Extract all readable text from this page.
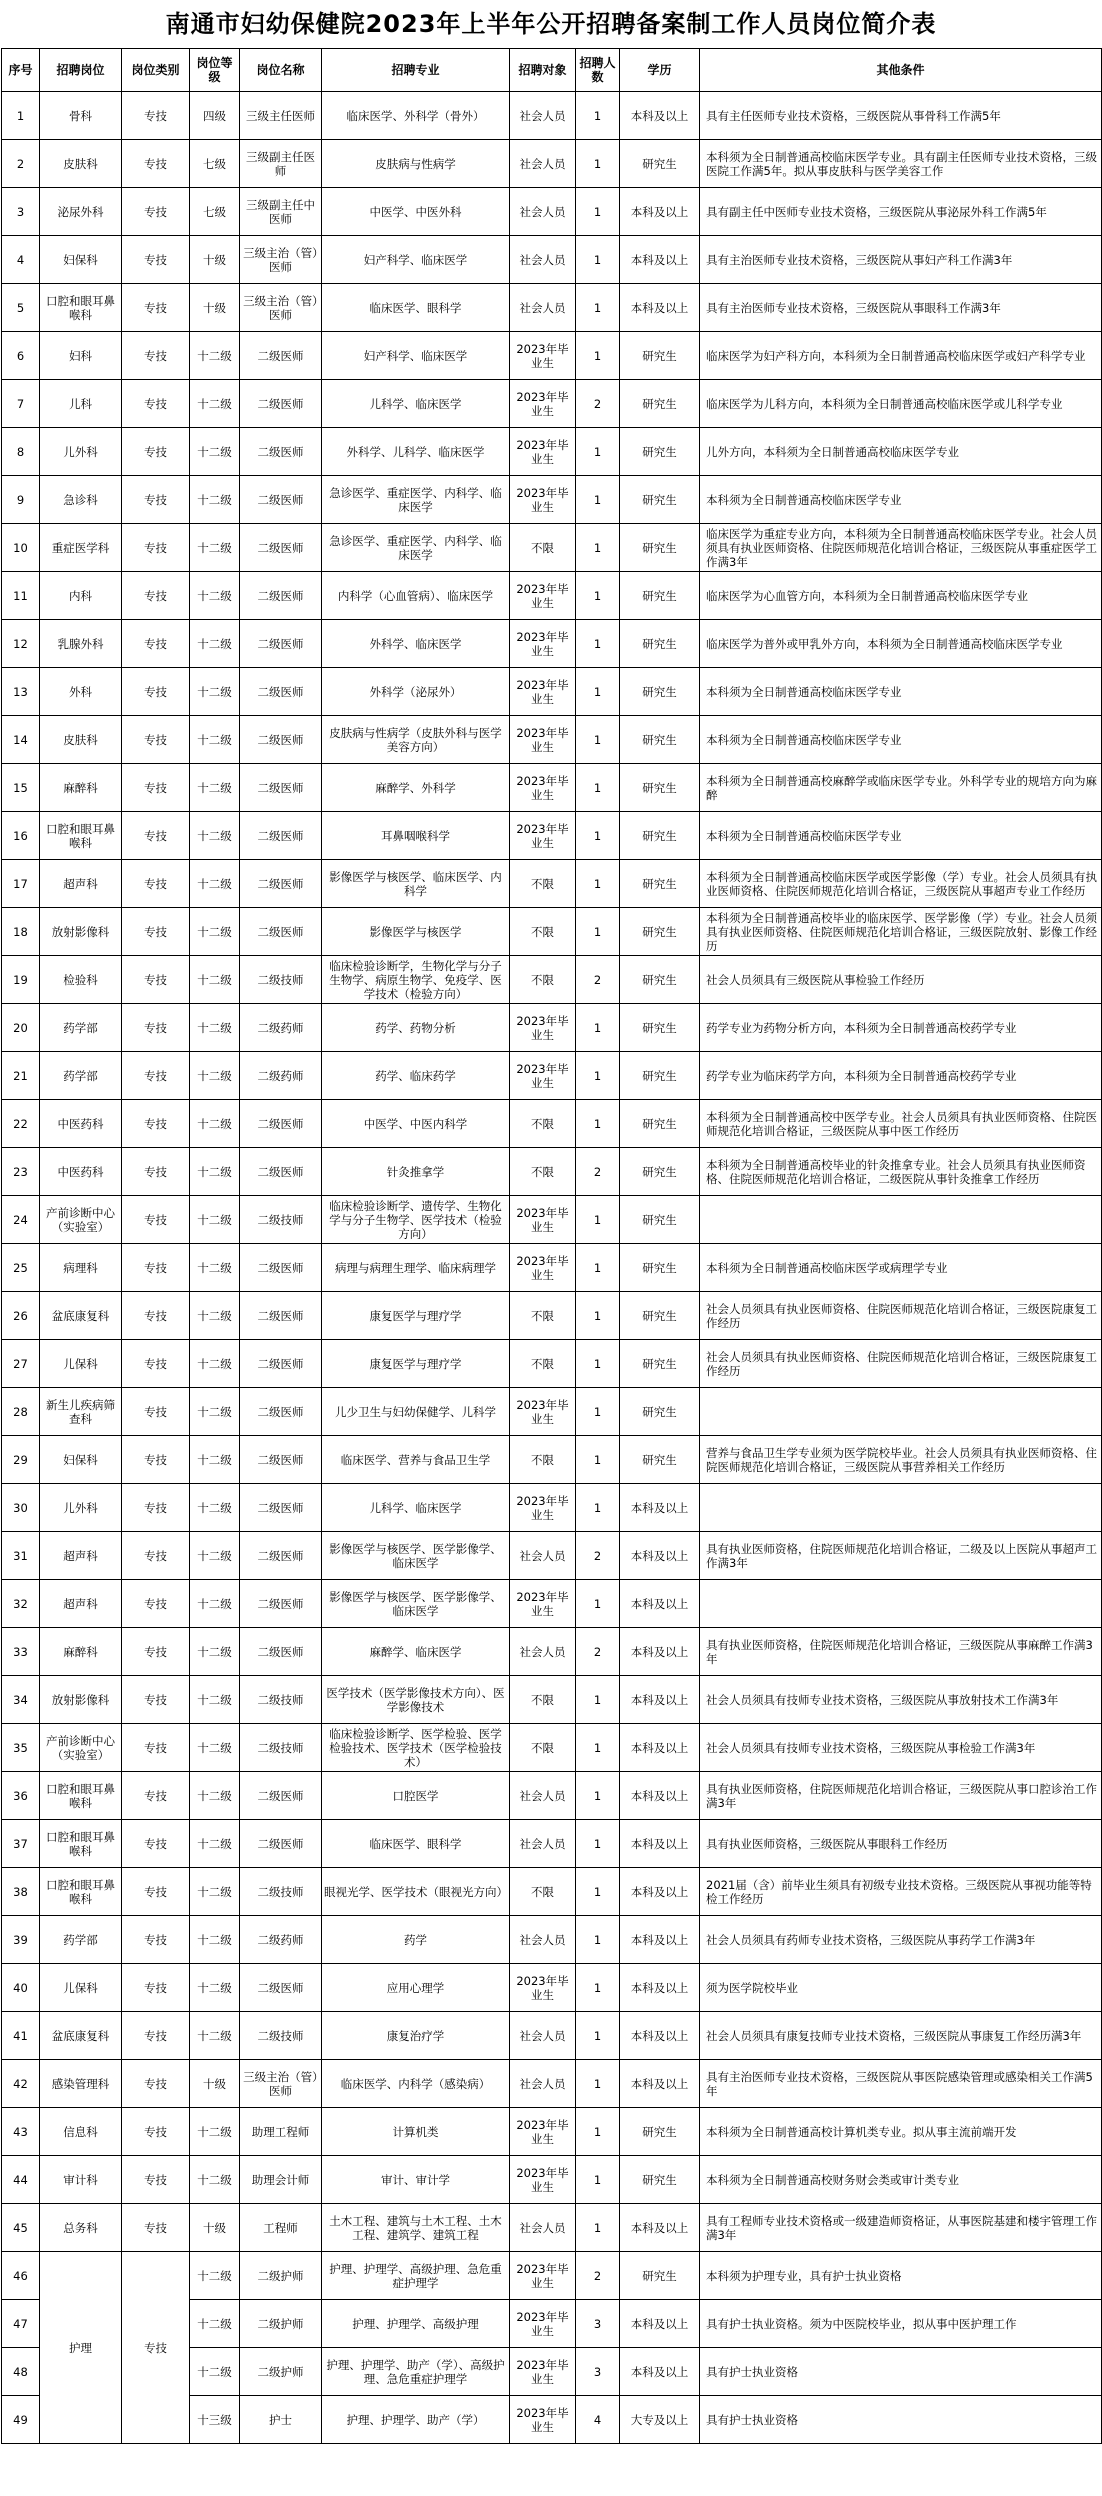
南通市妇幼保健院2023年上半年公开招聘备案制工作人员岗位简介表
序号	招聘岗位	岗位类别	岗位等级	岗位名称	招聘专业	招聘对象	招聘人数	学历	其他条件
1	骨科	专技	四级	三级主任医师	临床医学、外科学（骨外）	社会人员	1	本科及以上	具有主任医师专业技术资格，三级医院从事骨科工作满5年
2	皮肤科	专技	七级	三级副主任医师	皮肤病与性病学	社会人员	1	研究生	本科须为全日制普通高校临床医学专业。具有副主任医师专业技术资格，三级医院工作满5年。拟从事皮肤科与医学美容工作
3	泌尿外科	专技	七级	三级副主任中医师	中医学、中医外科	社会人员	1	本科及以上	具有副主任中医师专业技术资格，三级医院从事泌尿外科工作满5年
4	妇保科	专技	十级	三级主治（管）医师	妇产科学、临床医学	社会人员	1	本科及以上	具有主治医师专业技术资格，三级医院从事妇产科工作满3年
5	口腔和眼耳鼻喉科	专技	十级	三级主治（管）医师	临床医学、眼科学	社会人员	1	本科及以上	具有主治医师专业技术资格，三级医院从事眼科工作满3年
6	妇科	专技	十二级	二级医师	妇产科学、临床医学	2023年毕业生	1	研究生	临床医学为妇产科方向，本科须为全日制普通高校临床医学或妇产科学专业
7	儿科	专技	十二级	二级医师	儿科学、临床医学	2023年毕业生	2	研究生	临床医学为儿科方向，本科须为全日制普通高校临床医学或儿科学专业
8	儿外科	专技	十二级	二级医师	外科学、儿科学、临床医学	2023年毕业生	1	研究生	儿外方向，本科须为全日制普通高校临床医学专业
9	急诊科	专技	十二级	二级医师	急诊医学、重症医学、内科学、临床医学	2023年毕业生	1	研究生	本科须为全日制普通高校临床医学专业
10	重症医学科	专技	十二级	二级医师	急诊医学、重症医学、内科学、临床医学	不限	1	研究生	临床医学为重症专业方向，本科须为全日制普通高校临床医学专业。社会人员须具有执业医师资格、住院医师规范化培训合格证，三级医院从事重症医学工作满3年
11	内科	专技	十二级	二级医师	内科学（心血管病）、临床医学	2023年毕业生	1	研究生	临床医学为心血管方向，本科须为全日制普通高校临床医学专业
12	乳腺外科	专技	十二级	二级医师	外科学、临床医学	2023年毕业生	1	研究生	临床医学为普外或甲乳外方向，本科须为全日制普通高校临床医学专业
13	外科	专技	十二级	二级医师	外科学（泌尿外）	2023年毕业生	1	研究生	本科须为全日制普通高校临床医学专业
14	皮肤科	专技	十二级	二级医师	皮肤病与性病学（皮肤外科与医学美容方向）	2023年毕业生	1	研究生	本科须为全日制普通高校临床医学专业
15	麻醉科	专技	十二级	二级医师	麻醉学、外科学	2023年毕业生	1	研究生	本科须为全日制普通高校麻醉学或临床医学专业。外科学专业的规培方向为麻醉
16	口腔和眼耳鼻喉科	专技	十二级	二级医师	耳鼻咽喉科学	2023年毕业生	1	研究生	本科须为全日制普通高校临床医学专业
17	超声科	专技	十二级	二级医师	影像医学与核医学、临床医学、内科学	不限	1	研究生	本科须为全日制普通高校临床医学或医学影像（学）专业。社会人员须具有执业医师资格、住院医师规范化培训合格证，三级医院从事超声专业工作经历
18	放射影像科	专技	十二级	二级医师	影像医学与核医学	不限	1	研究生	本科须为全日制普通高校毕业的临床医学、医学影像（学）专业。社会人员须具有执业医师资格、住院医师规范化培训合格证，三级医院放射、影像工作经历
19	检验科	专技	十二级	二级技师	临床检验诊断学，生物化学与分子生物学、病原生物学、免疫学、医学技术（检验方向）	不限	2	研究生	社会人员须具有三级医院从事检验工作经历
20	药学部	专技	十二级	二级药师	药学、药物分析	2023年毕业生	1	研究生	药学专业为药物分析方向，本科须为全日制普通高校药学专业
21	药学部	专技	十二级	二级药师	药学、临床药学	2023年毕业生	1	研究生	药学专业为临床药学方向，本科须为全日制普通高校药学专业
22	中医药科	专技	十二级	二级医师	中医学、中医内科学	不限	1	研究生	本科须为全日制普通高校中医学专业。社会人员须具有执业医师资格、住院医师规范化培训合格证，三级医院从事中医工作经历
23	中医药科	专技	十二级	二级医师	针灸推拿学	不限	2	研究生	本科须为全日制普通高校毕业的针灸推拿专业。社会人员须具有执业医师资格、住院医师规范化培训合格证，二级医院从事针灸推拿工作经历
24	产前诊断中心（实验室）	专技	十二级	二级技师	临床检验诊断学、遗传学、生物化学与分子生物学、医学技术（检验方向）	2023年毕业生	1	研究生	
25	病理科	专技	十二级	二级医师	病理与病理生理学、临床病理学	2023年毕业生	1	研究生	本科须为全日制普通高校临床医学或病理学专业
26	盆底康复科	专技	十二级	二级医师	康复医学与理疗学	不限	1	研究生	社会人员须具有执业医师资格、住院医师规范化培训合格证，三级医院康复工作经历
27	儿保科	专技	十二级	二级医师	康复医学与理疗学	不限	1	研究生	社会人员须具有执业医师资格、住院医师规范化培训合格证，三级医院康复工作经历
28	新生儿疾病筛查科	专技	十二级	二级医师	儿少卫生与妇幼保健学、儿科学	2023年毕业生	1	研究生	
29	妇保科	专技	十二级	二级医师	临床医学、营养与食品卫生学	不限	1	研究生	营养与食品卫生学专业须为医学院校毕业。社会人员须具有执业医师资格、住院医师规范化培训合格证，三级医院从事营养相关工作经历
30	儿外科	专技	十二级	二级医师	儿科学、临床医学	2023年毕业生	1	本科及以上	
31	超声科	专技	十二级	二级医师	影像医学与核医学、医学影像学、临床医学	社会人员	2	本科及以上	具有执业医师资格，住院医师规范化培训合格证，二级及以上医院从事超声工作满3年
32	超声科	专技	十二级	二级医师	影像医学与核医学、医学影像学、临床医学	2023年毕业生	1	本科及以上	
33	麻醉科	专技	十二级	二级医师	麻醉学、临床医学	社会人员	2	本科及以上	具有执业医师资格，住院医师规范化培训合格证，三级医院从事麻醉工作满3年
34	放射影像科	专技	十二级	二级技师	医学技术（医学影像技术方向）、医学影像技术	不限	1	本科及以上	社会人员须具有技师专业技术资格，三级医院从事放射技术工作满3年
35	产前诊断中心（实验室）	专技	十二级	二级技师	临床检验诊断学、医学检验、医学检验技术、医学技术（医学检验技术）	不限	1	本科及以上	社会人员须具有技师专业技术资格，三级医院从事检验工作满3年
36	口腔和眼耳鼻喉科	专技	十二级	二级医师	口腔医学	社会人员	1	本科及以上	具有执业医师资格，住院医师规范化培训合格证，三级医院从事口腔诊治工作满3年
37	口腔和眼耳鼻喉科	专技	十二级	二级医师	临床医学、眼科学	社会人员	1	本科及以上	具有执业医师资格，三级医院从事眼科工作经历
38	口腔和眼耳鼻喉科	专技	十二级	二级技师	眼视光学、医学技术（眼视光方向）	不限	1	本科及以上	2021届（含）前毕业生须具有初级专业技术资格。三级医院从事视功能等特检工作经历
39	药学部	专技	十二级	二级药师	药学	社会人员	1	本科及以上	社会人员须具有药师专业技术资格，三级医院从事药学工作满3年
40	儿保科	专技	十二级	二级医师	应用心理学	2023年毕业生	1	本科及以上	须为医学院校毕业
41	盆底康复科	专技	十二级	二级技师	康复治疗学	社会人员	1	本科及以上	社会人员须具有康复技师专业技术资格，三级医院从事康复工作经历满3年
42	感染管理科	专技	十级	三级主治（管）医师	临床医学、内科学（感染病）	社会人员	1	本科及以上	具有主治医师专业技术资格，三级医院从事医院感染管理或感染相关工作满5年
43	信息科	专技	十二级	助理工程师	计算机类	2023年毕业生	1	研究生	本科须为全日制普通高校计算机类专业。拟从事主流前端开发
44	审计科	专技	十二级	助理会计师	审计、审计学	2023年毕业生	1	研究生	本科须为全日制普通高校财务财会类或审计类专业
45	总务科	专技	十级	工程师	土木工程、建筑与土木工程、土木工程、建筑学、建筑工程	社会人员	1	本科及以上	具有工程师专业技术资格或一级建造师资格证，从事医院基建和楼宇管理工作满3年
46	护理	专技	十二级	二级护师	护理、护理学、高级护理、急危重症护理学	2023年毕业生	2	研究生	本科须为护理专业，具有护士执业资格
47			十二级	二级护师	护理、护理学、高级护理	2023年毕业生	3	本科及以上	具有护士执业资格。须为中医院校毕业，拟从事中医护理工作
48			十二级	二级护师	护理、护理学、助产（学）、高级护理、急危重症护理学	2023年毕业生	3	本科及以上	具有护士执业资格
49			十三级	护士	护理、护理学、助产（学）	2023年毕业生	4	大专及以上	具有护士执业资格
